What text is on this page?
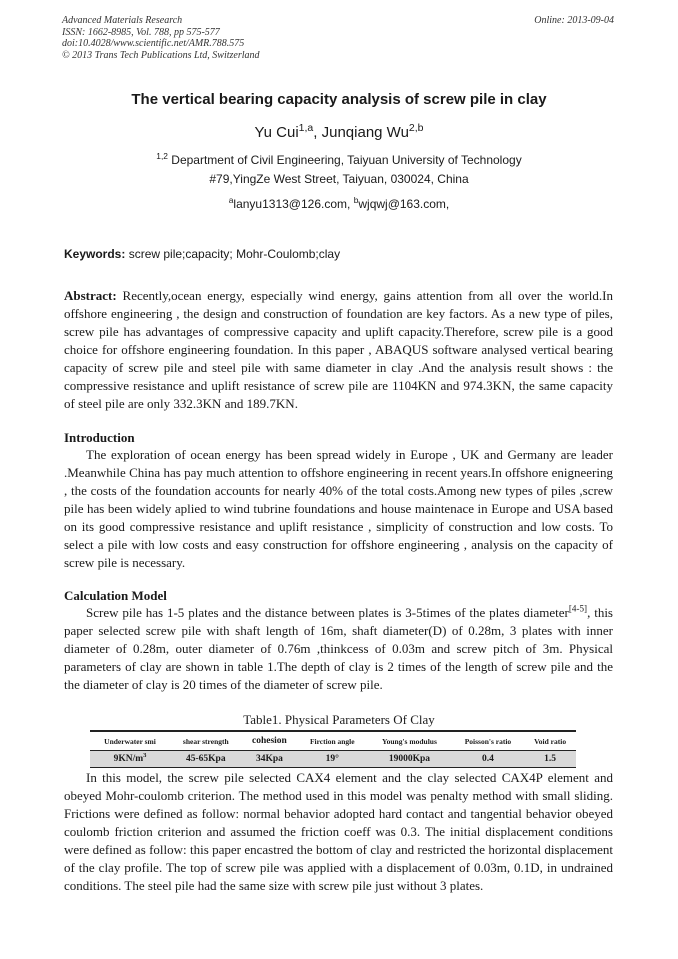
Advanced Materials Research
ISSN: 1662-8985, Vol. 788, pp 575-577
doi:10.4028/www.scientific.net/AMR.788.575
© 2013 Trans Tech Publications Ltd, Switzerland
Online: 2013-09-04
The vertical bearing capacity analysis of screw pile in clay
Yu Cui$^{1,a}$, Junqiang Wu$^{2,b}$
$^{1,2}$ Department of Civil Engineering, Taiyuan University of Technology
#79,YingZe West Street, Taiyuan, 030024, China
$^a$lanyu1313@126.com, $^b$wjqwj@163.com,
Keywords: screw pile;capacity; Mohr-Coulomb;clay
Abstract: Recently,ocean energy, especially wind energy, gains attention from all over the world.In offshore engineering , the design and construction of foundation are key factors. As a new type of piles, screw pile has advantages of compressive capacity and uplift capacity.Therefore, screw pile is a good choice for offshore engineering foundation. In this paper , ABAQUS software analysed vertical bearing capacity of screw pile and steel pile with same diameter in clay .And the analysis result shows : the compressive resistance and uplift resistance of screw pile are 1104KN and 974.3KN, the same capacity of steel pile are only 332.3KN and 189.7KN.
Introduction
The exploration of ocean energy has been spread widely in Europe , UK and Germany are leader .Meanwhile China has pay much attention to offshore engineering in recent years.In offshore enigneering , the costs of the foundation accounts for nearly 40% of the total costs.Among new types of piles ,screw pile has been widely aplied to wind tubrine foundations and house maintenace in Europe and USA based on its good compressive resistance and uplift resistance , simplicity of construction and low costs. To select a pile with low costs and easy construction for offshore engineering , analysis on the capacity of screw pile is necessary.
Calculation Model
Screw pile has 1-5 plates and the distance between plates is 3-5times of the plates diameter[4-5], this paper selected screw pile with shaft length of 16m, shaft diameter(D) of 0.28m, 3 plates with inner diameter of 0.28m, outer diameter of 0.76m ,thinkcess of 0.03m and screw pitch of 3m. Physical parameters of clay are shown in table 1.The depth of clay is 2 times of the length of screw pile and the the diameter of clay is 20 times of the diameter of screw pile.
Table1. Physical Parameters Of Clay
Underwater smi	shear strength	cohesion	Firction angle	Young's modulus	Poisson's ratio	Void ratio
$9KN/m^3$	45-65Kpa	34Kpa	19°	19000Kpa	0.4	1.5
In this model, the screw pile selected CAX4 element and the clay selected CAX4P element and obeyed Mohr-coulomb criterion. The method used in this model was penalty method with small sliding. Frictions were defined as follow: normal behavior adopted hard contact and tangential behavior obeyed coulomb friction criterion and assumed the friction coeff was 0.3. The initial displacement conditions were defined as follow: this paper encastred the bottom of clay and restricted the horizontal displacement of the clay profile. The top of screw pile was applied with a displacement of 0.03m, 0.1D, in undrained conditions. The steel pile had the same size with screw pile just without 3 plates.
